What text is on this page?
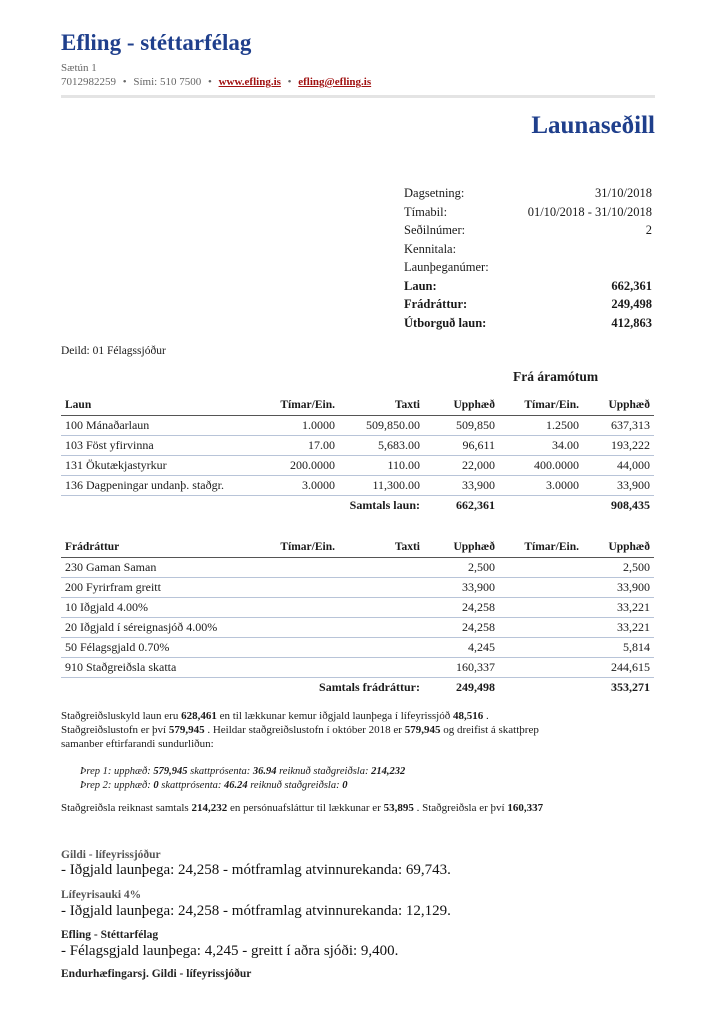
Efling - stéttarfélag
Sætún 1
7012982259 • Sími: 510 7500 • www.efling.is • efling@efling.is
Launaseðill
Dagsetning:	31/10/2018
Tímabil:	01/10/2018 - 31/10/2018
Seðilnúmer:	2
Kennitala:
Launþeganúmer:
Laun:	662,361
Frádráttur:	249,498
Útborguð laun:	412,863
Deild: 01 Félagssjóður
Frá áramótum
Laun	Tímar/Ein.	Taxti	Upphæð	Tímar/Ein.	Upphæð
100 Mánaðarlaun	1.0000	509,850.00	509,850	1.2500	637,313
103 Föst yfirvinna	17.00	5,683.00	96,611	34.00	193,222
131 Ökutækjastyrkur	200.0000	110.00	22,000	400.0000	44,000
136 Dagpeningar undanþ. staðgr.	3.0000	11,300.00	33,900	3.0000	33,900
Samtals laun:			662,361		908,435
Frádráttur	Tímar/Ein.	Taxti	Upphæð	Tímar/Ein.	Upphæð
230 Gaman Saman			2,500		2,500
200 Fyrirfram greitt			33,900		33,900
10 Iðgjald 4.00%			24,258		33,221
20 Iðgjald í séreignasjóð 4.00%			24,258		33,221
50 Félagsgjald 0.70%			4,245		5,814
910 Staðgreiðsla skatta			160,337		244,615
Samtals frádráttur:			249,498		353,271
Staðgreiðsluskyld laun eru 628,461 en til lækkunar kemur iðgjald launþega í lífeyrissjóð 48,516 .
Staðgreiðslustofn er því 579,945 . Heildar staðgreiðslustofn í október 2018 er 579,945 og dreifist á skattþrep
samanber eftirfarandi sundurliðun:
Þrep 1: upphæð: 579,945 skattprósenta: 36.94 reiknuð staðgreiðsla: 214,232
Þrep 2: upphæð: 0 skattprósenta: 46.24 reiknuð staðgreiðsla: 0
Staðgreiðsla reiknast samtals 214,232 en persónuafsláttur til lækkunar er 53,895 . Staðgreiðsla er því 160,337
Gildi - lífeyrissjóður
- Iðgjald launþega: 24,258 - mótframlag atvinnurekanda: 69,743.
Lífeyrisauki 4%
- Iðgjald launþega: 24,258 - mótframlag atvinnurekanda: 12,129.
Efling - Stéttarfélag
- Félagsgjald launþega: 4,245 - greitt í aðra sjóði: 9,400.
Endurhæfingarsj. Gildi - lífeyrissjóður
